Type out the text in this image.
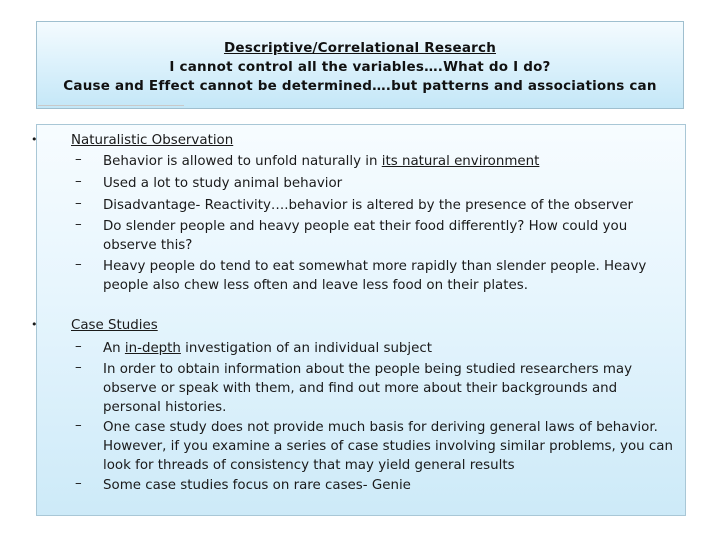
Descriptive/Correlational Research
I cannot control all the variables….What do I do?
Cause and Effect cannot be determined….but patterns and associations can
•	Naturalistic Observation
– Behavior is allowed to unfold naturally in its natural environment
– Used a lot to study animal behavior
– Disadvantage- Reactivity….behavior is altered by the presence of the observer
– Do slender people and heavy people eat their food differently? How could you observe this?
– Heavy people do tend to eat somewhat more rapidly than slender people. Heavy people also chew less often and leave less food on their plates.
•	Case Studies
– An in-depth investigation of an individual subject
– In order to obtain information about the people being studied researchers may observe or speak with them, and find out more about their backgrounds and personal histories.
– One case study does not provide much basis for deriving general laws of behavior. However, if you examine a series of case studies involving similar problems, you can look for threads of consistency that may yield general results
– Some case studies focus on rare cases- Genie
